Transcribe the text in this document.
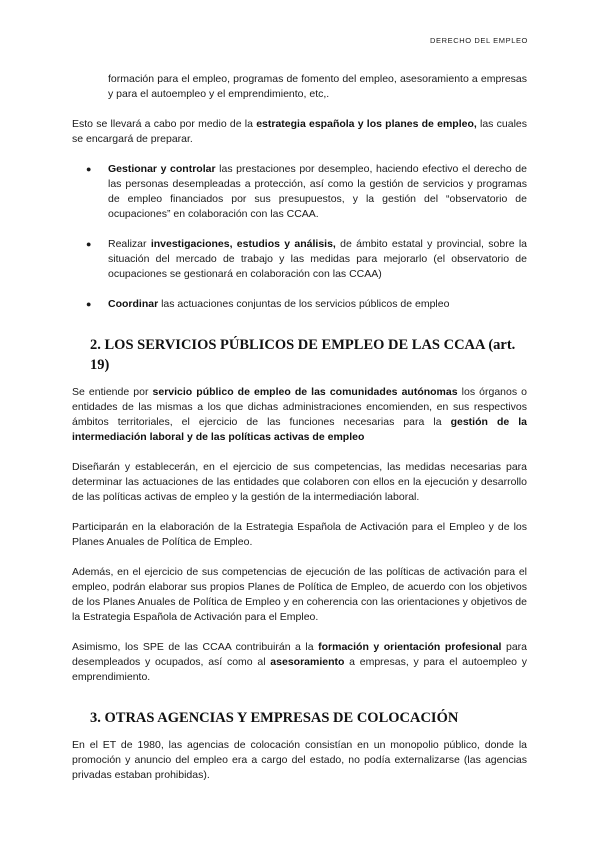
DERECHO DEL EMPLEO

formación para el empleo, programas de fomento del empleo, asesoramiento a empresas y para el autoempleo y el emprendimiento, etc,.

Esto se llevará a cabo por medio de la estrategia española y los planes de empleo, las cuales se encargará de preparar.

● Gestionar y controlar las prestaciones por desempleo, haciendo efectivo el derecho de las personas desempleadas a protección, así como la gestión de servicios y programas de empleo financiados por sus presupuestos, y la gestión del “observatorio de ocupaciones” en colaboración con las CCAA.
● Realizar investigaciones, estudios y análisis, de ámbito estatal y provincial, sobre la situación del mercado de trabajo y las medidas para mejorarlo (el observatorio de ocupaciones se gestionará en colaboración con las CCAA)
● Coordinar las actuaciones conjuntas de los servicios públicos de empleo
2. LOS SERVICIOS PÚBLICOS DE EMPLEO DE LAS CCAA (art. 19)

Se entiende por servicio público de empleo de las comunidades autónomas los órganos o entidades de las mismas a los que dichas administraciones encomienden, en sus respectivos ámbitos territoriales, el ejercicio de las funciones necesarias para la gestión de la intermediación laboral y de las políticas activas de empleo

Diseñarán y establecerán, en el ejercicio de sus competencias, las medidas necesarias para determinar las actuaciones de las entidades que colaboren con ellos en la ejecución y desarrollo de las políticas activas de empleo y la gestión de la intermediación laboral.

Participarán en la elaboración de la Estrategia Española de Activación para el Empleo y de los Planes Anuales de Política de Empleo.

Además, en el ejercicio de sus competencias de ejecución de las políticas de activación para el empleo, podrán elaborar sus propios Planes de Política de Empleo, de acuerdo con los objetivos de los Planes Anuales de Política de Empleo y en coherencia con las orientaciones y objetivos de la Estrategia Española de Activación para el Empleo.

Asimismo, los SPE de las CCAA contribuirán a la formación y orientación profesional para desempleados y ocupados, así como al asesoramiento a empresas, y para el autoempleo y emprendimiento.

3. OTRAS AGENCIAS Y EMPRESAS DE COLOCACIÓN

En el ET de 1980, las agencias de colocación consistían en un monopolio público, donde la promoción y anuncio del empleo era a cargo del estado, no podía externalizarse (las agencias privadas estaban prohibidas).
